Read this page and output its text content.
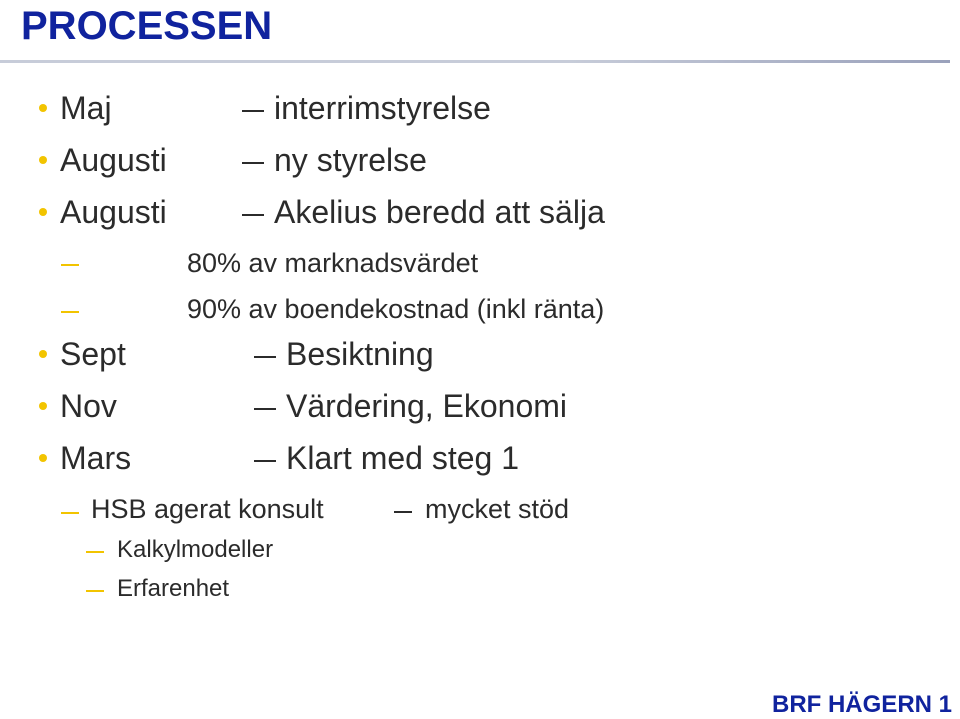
PROCESSEN
Maj	interrimstyrelse
Augusti	ny styrelse
Augusti	Akelius beredd att sälja
80% av marknadsvärdet
90% av boendekostnad (inkl ränta)
Sept	Besiktning
Nov	Värdering, Ekonomi
Mars	Klart med steg 1
HSB agerat konsult	mycket stöd
Kalkylmodeller
Erfarenhet
BRF HÄGERN 1
